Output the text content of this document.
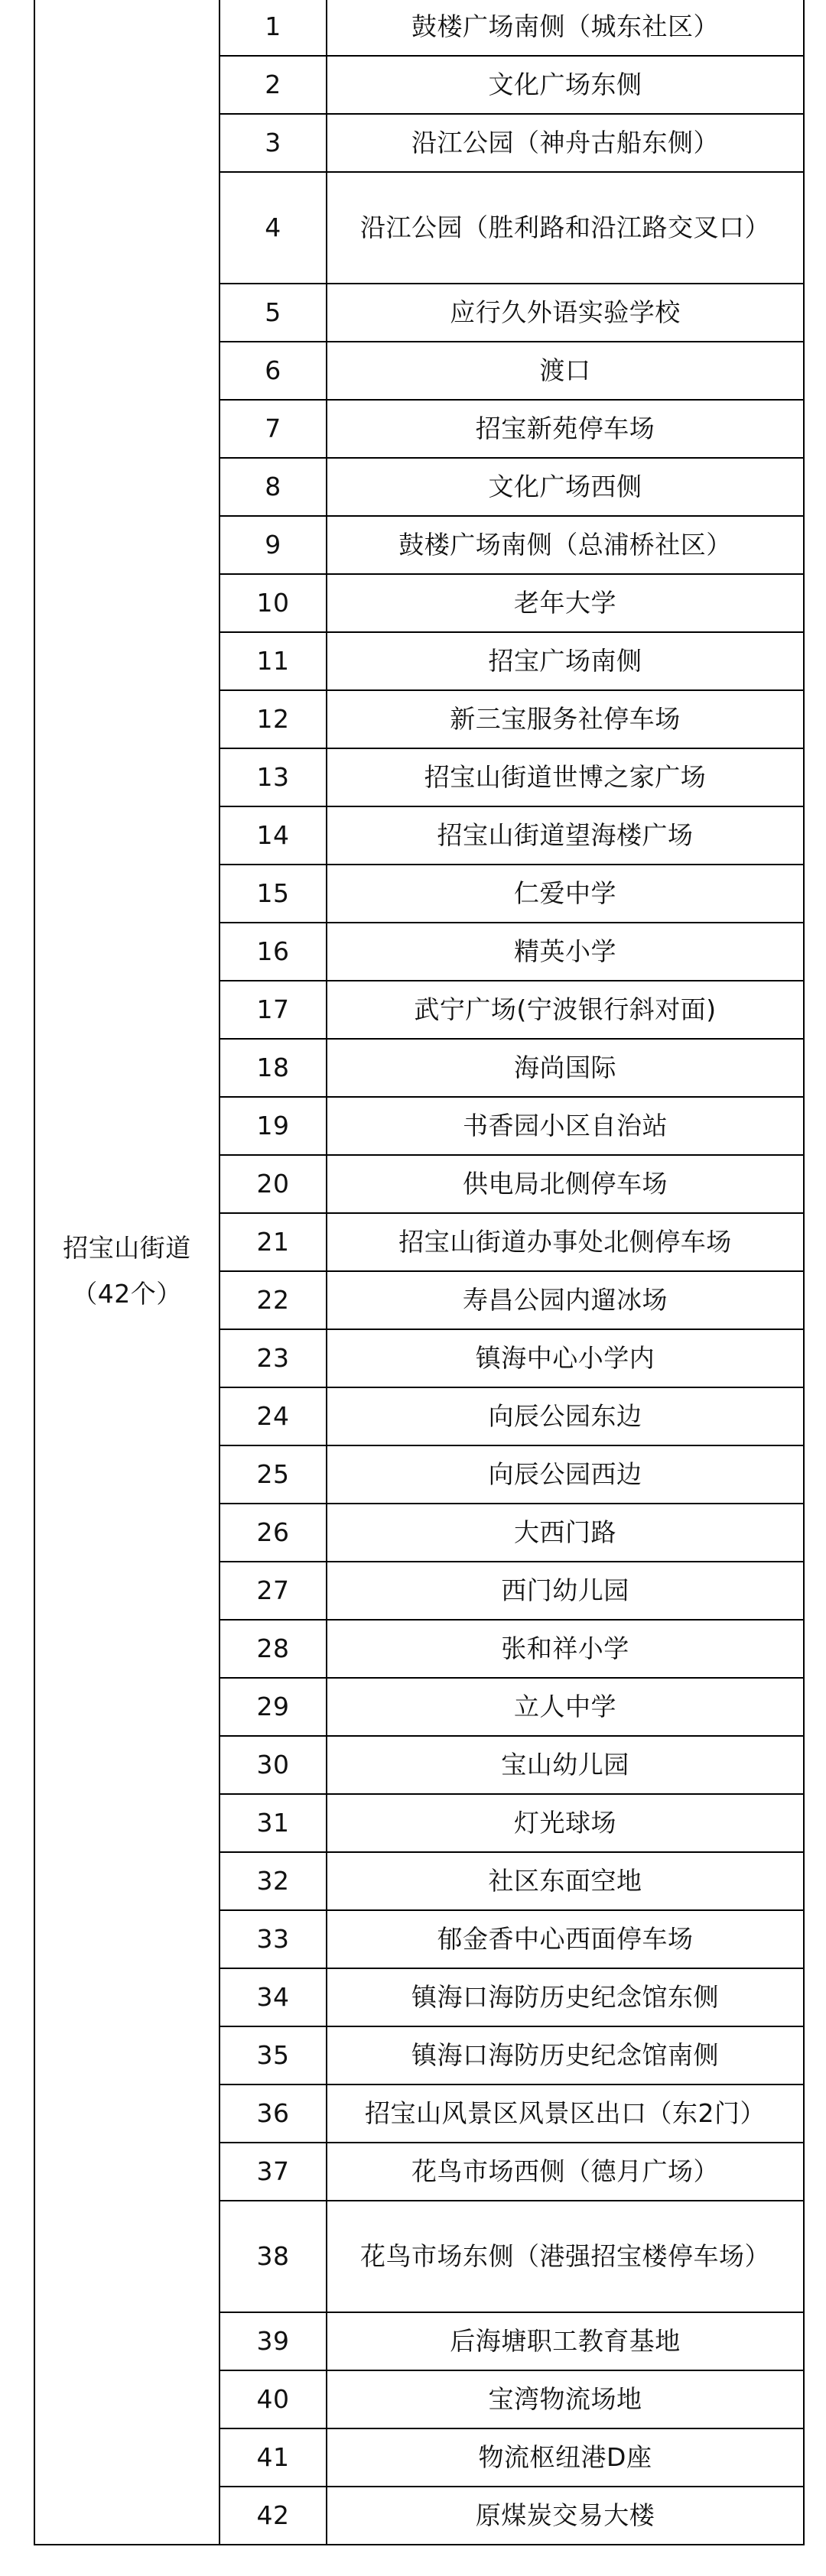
招宝山街道（42个）	1	鼓楼广场南侧（城东社区）
	2	文化广场东侧
	3	沿江公园（神舟古船东侧）
	4	沿江公园（胜利路和沿江路交叉口）
	5	应行久外语实验学校
	6	渡口
	7	招宝新苑停车场
	8	文化广场西侧
	9	鼓楼广场南侧（总浦桥社区）
	10	老年大学
	11	招宝广场南侧
	12	新三宝服务社停车场
	13	招宝山街道世博之家广场
	14	招宝山街道望海楼广场
	15	仁爱中学
	16	精英小学
	17	武宁广场(宁波银行斜对面)
	18	海尚国际
	19	书香园小区自治站
	20	供电局北侧停车场
	21	招宝山街道办事处北侧停车场
	22	寿昌公园内遛冰场
	23	镇海中心小学内
	24	向辰公园东边
	25	向辰公园西边
	26	大西门路
	27	西门幼儿园
	28	张和祥小学
	29	立人中学
	30	宝山幼儿园
	31	灯光球场
	32	社区东面空地
	33	郁金香中心西面停车场
	34	镇海口海防历史纪念馆东侧
	35	镇海口海防历史纪念馆南侧
	36	招宝山风景区风景区出口（东2门）
	37	花鸟市场西侧（德月广场）
	38	花鸟市场东侧（港强招宝楼停车场）
	39	后海塘职工教育基地
	40	宝湾物流场地
	41	物流枢纽港D座
	42	原煤炭交易大楼
